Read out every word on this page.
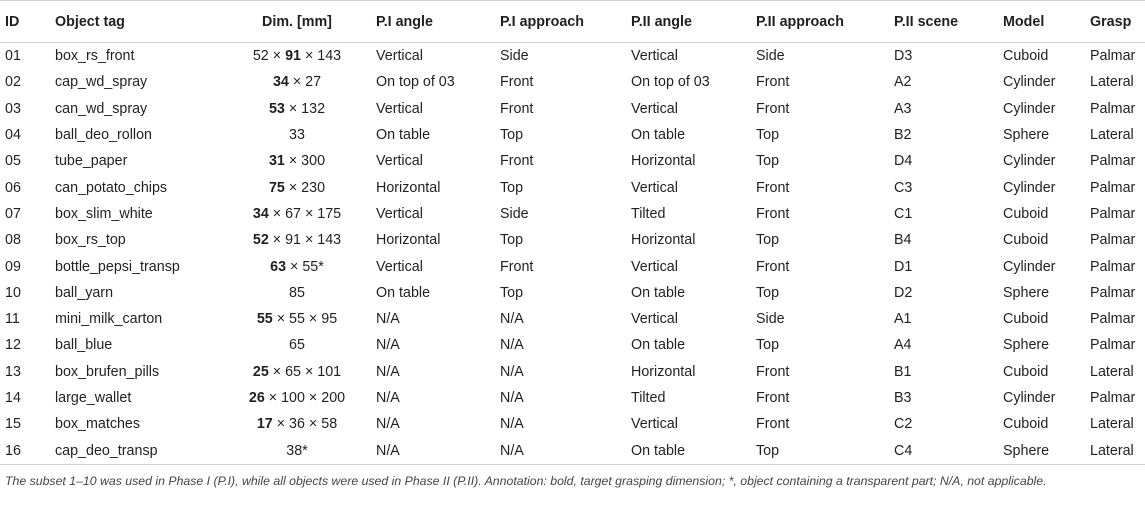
ID	Object tag	Dim. [mm]	P.I angle	P.I approach	P.II angle	P.II approach	P.II scene	Model	Grasp
01	box_rs_front	52 × 91 × 143	Vertical	Side	Vertical	Side	D3	Cuboid	Palmar
02	cap_wd_spray	34 × 27	On top of 03	Front	On top of 03	Front	A2	Cylinder	Lateral
03	can_wd_spray	53 × 132	Vertical	Front	Vertical	Front	A3	Cylinder	Palmar
04	ball_deo_rollon	33	On table	Top	On table	Top	B2	Sphere	Lateral
05	tube_paper	31 × 300	Vertical	Front	Horizontal	Top	D4	Cylinder	Palmar
06	can_potato_chips	75 × 230	Horizontal	Top	Vertical	Front	C3	Cylinder	Palmar
07	box_slim_white	34 × 67 × 175	Vertical	Side	Tilted	Front	C1	Cuboid	Palmar
08	box_rs_top	52 × 91 × 143	Horizontal	Top	Horizontal	Top	B4	Cuboid	Palmar
09	bottle_pepsi_transp	63 × 55*	Vertical	Front	Vertical	Front	D1	Cylinder	Palmar
10	ball_yarn	85	On table	Top	On table	Top	D2	Sphere	Palmar
11	mini_milk_carton	55 × 55 × 95	N/A	N/A	Vertical	Side	A1	Cuboid	Palmar
12	ball_blue	65	N/A	N/A	On table	Top	A4	Sphere	Palmar
13	box_brufen_pills	25 × 65 × 101	N/A	N/A	Horizontal	Front	B1	Cuboid	Lateral
14	large_wallet	26 × 100 × 200	N/A	N/A	Tilted	Front	B3	Cylinder	Palmar
15	box_matches	17 × 36 × 58	N/A	N/A	Vertical	Front	C2	Cuboid	Lateral
16	cap_deo_transp	38*	N/A	N/A	On table	Top	C4	Sphere	Lateral

The subset 1–10 was used in Phase I (P.I), while all objects were used in Phase II (P.II). Annotation: bold, target grasping dimension; *, object containing a transparent part; N/A, not applicable.
